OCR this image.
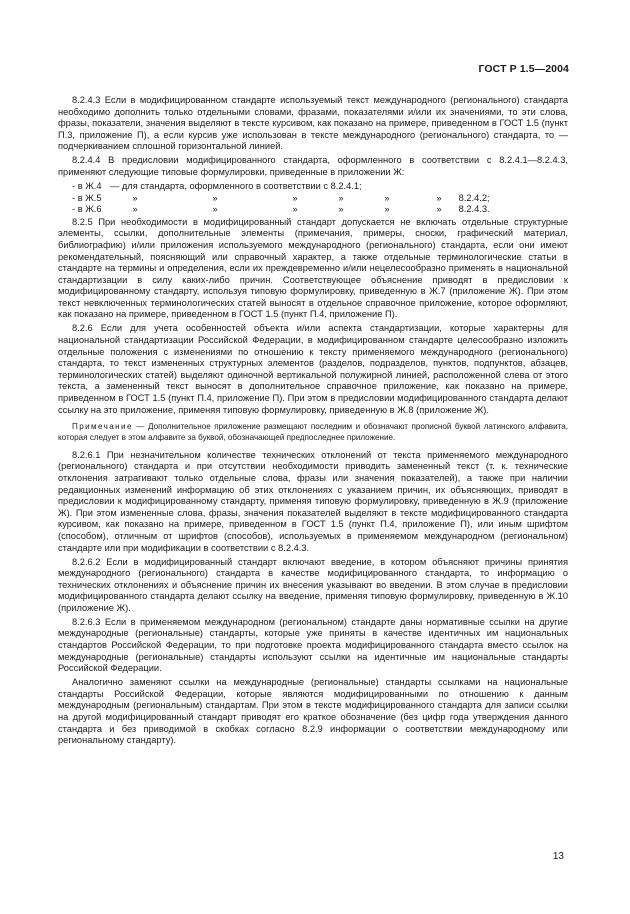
ГОСТ Р 1.5—2004

8.2.4.3 Если в модифицированном стандарте используемый текст международного (регионального) стандарта необходимо дополнить только отдельными словами, фразами, показателями и/или их значениями, то эти слова, фразы, показатели, значения выделяют в тексте курсивом, как показано на примере, приведенном в ГОСТ 1.5 (пункт П.3, приложение П), а если курсив уже использован в тексте международного (регионального) стандарта, то — подчеркиванием сплошной горизонтальной линией.

8.2.4.4 В предисловии модифицированного стандарта, оформленного в соответствии с 8.2.4.1—8.2.4.3, применяют следующие типовые формулировки, приведенные в приложении Ж:

- в Ж.4 — для стандарта, оформленного в соответствии с 8.2.4.1;
- в Ж.5	»	»	»	»	»	» 8.2.4.2;
- в Ж.6	»	»	»	»	»	» 8.2.4.3.

8.2.5 При необходимости в модифицированный стандарт допускается не включать отдельные структурные элементы, ссылки, дополнительные элементы (примечания, примеры, сноски, графический материал, библиографию) и/или приложения используемого международного (регионального) стандарта, если они имеют рекомендательный, поясняющий или справочный характер, а также отдельные терминологические статьи в стандарте на термины и определения, если их преждевременно и/или нецелесообразно применять в национальной стандартизации в силу каких-либо причин. Соответствующее объяснение приводят в предисловии к модифицированному стандарту, используя типовую формулировку, приведенную в Ж.7 (приложение Ж). При этом текст невключенных терминологических статей выносят в отдельное справочное приложение, которое оформляют, как показано на примере, приведенном в ГОСТ 1.5 (пункт П.4, приложение П).

8.2.6 Если для учета особенностей объекта и/или аспекта стандартизации, которые характерны для национальной стандартизации Российской Федерации, в модифицированном стандарте целесообразно изложить отдельные положения с изменениями по отношению к тексту применяемого международного (регионального) стандарта, то текст измененных структурных элементов (разделов, подразделов, пунктов, подпунктов, абзацев, терминологических статей) выделяют одиночной вертикальной полужирной линией, расположенной слева от этого текста, а замененный текст выносят в дополнительное справочное приложение, как показано на примере, приведенном в ГОСТ 1.5 (пункт П.4, приложение П). При этом в предисловии модифицированного стандарта делают ссылку на это приложение, применяя типовую формулировку, приведенную в Ж.8 (приложение Ж).

Примечание — Дополнительное приложение размещают последним и обозначают прописной буквой латинского алфавита, которая следует в этом алфавите за буквой, обозначающей предпоследнее приложение.

8.2.6.1 При незначительном количестве технических отклонений от текста применяемого международного (регионального) стандарта и при отсутствии необходимости приводить замененный текст (т. к. технические отклонения затрагивают только отдельные слова, фразы или значения показателей), а также при наличии редакционных изменений информацию об этих отклонениях с указанием причин, их объясняющих, приводят в предисловии к модифицированному стандарту, применяя типовую формулировку, приведенную в Ж.9 (приложение Ж). При этом измененные слова, фразы, значения показателей выделяют в тексте модифицированного стандарта курсивом, как показано на примере, приведенном в ГОСТ 1.5 (пункт П.4, приложение П), или иным шрифтом (способом), отличным от шрифтов (способов), используемых в применяемом международном (региональном) стандарте или при модификации в соответствии с 8.2.4.3.

8.2.6.2 Если в модифицированный стандарт включают введение, в котором объясняют причины принятия международного (регионального) стандарта в качестве модифицированного стандарта, то информацию о технических отклонениях и объяснение причин их внесения указывают во введении. В этом случае в предисловии модифицированного стандарта делают ссылку на введение, применяя типовую формулировку, приведенную в Ж.10 (приложение Ж).

8.2.6.3 Если в применяемом международном (региональном) стандарте даны нормативные ссылки на другие международные (региональные) стандарты, которые уже приняты в качестве идентичных им национальных стандартов Российской Федерации, то при подготовке проекта модифицированного стандарта вместо ссылок на международные (региональные) стандарты используют ссылки на идентичные им национальные стандарты Российской Федерации.

Аналогично заменяют ссылки на международные (региональные) стандарты ссылками на национальные стандарты Российской Федерации, которые являются модифицированными по отношению к данным международным (региональным) стандартам. При этом в тексте модифицированного стандарта для записи ссылки на другой модифицированный стандарт приводят его краткое обозначение (без цифр года утверждения данного стандарта и без приводимой в скобках согласно 8.2.9 информации о соответствии международному или региональному стандарту).

13
